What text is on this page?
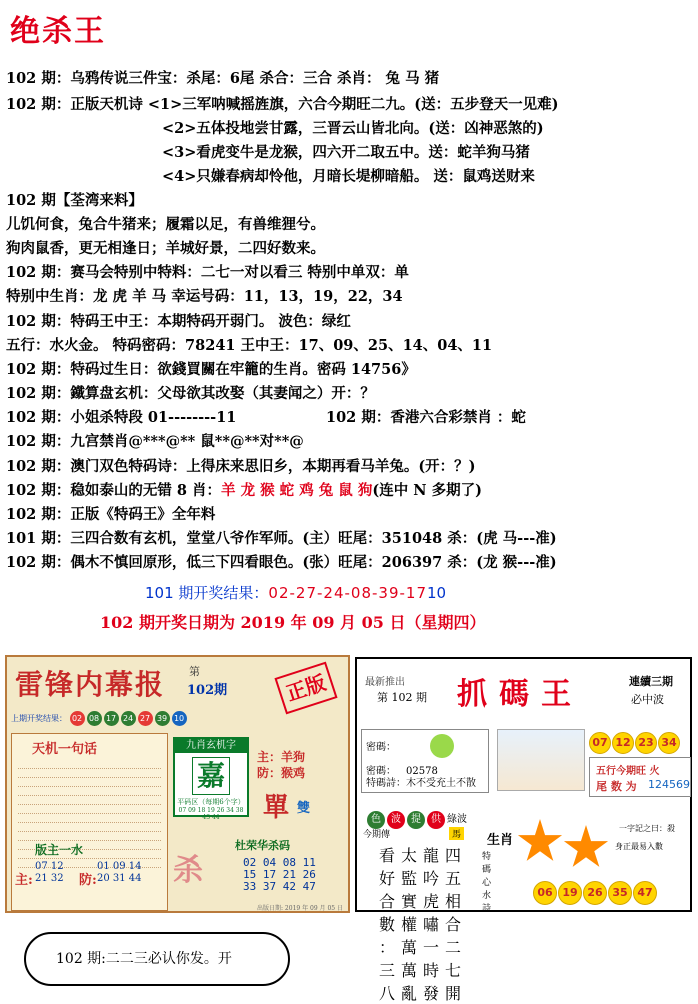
绝杀王
102 期：乌鸦传说三件宝：杀尾：6尾 杀合：三合 杀肖： 兔 马 猪
102 期：正版天机诗 <1>三军呐喊摇旌旗，六合今期旺二九。(送：五步登天一见难)
<2>五体投地尝甘露，三晋云山皆北向。(送：凶神恶煞的)
<3>看虎变牛是龙猴，四六开二取五中。送：蛇羊狗马猪
<4>只嫌春病却怜他，月暗长堤柳暗船。 送：鼠鸡送财来
102 期【荃湾来料】
儿饥何食，兔合牛猪来；履霜以足，有兽维狸兮。
狗肉鼠香，更无相逢日；羊城好景，二四好数来。
102 期：赛马会特别中特料：二七一对以看三 特别中单双：单
特别中生肖：龙 虎 羊 马 幸运号码：11，13，19，22，34
102 期：特码王中王：本期特码开弱门。 波色：绿红
五行：水火金。 特码密码：78241 王中王：17、09、25、14、04、11
102 期：特码过生日：欲錢買關在牢籠的生肖。密码 14756》
102 期：鐵算盘玄机：父母欲其改娶（其妻闻之）开：？
102 期：小姐杀特段 01--------11	102 期：香港六合彩禁肖 ：蛇
102 期：九宫禁肖@***@** 鼠**@**对**@
102 期：澳门双色特码诗：上得床来思旧乡，本期再看马羊兔。(开：？)
102 期：稳如泰山的无错 8 肖：羊 龙 猴 蛇 鸡 兔 鼠 狗(连中 N 多期了)
102 期：正版《特码王》全年料
101 期：三四合数有玄机，堂堂八爷作军师。(主）旺尾：351048 杀：(虎 马---准)
102 期：偶木不慎回原形，低三下四看眼色。(张）旺尾：206397 杀：(龙 猴---准)
101 期开奖结果：02-27-24-08-39-1710
102 期开奖日期为 2019 年 09 月 05 日（星期四）
雷锋内幕报 第
102期	正版
上期开奖结果： 02 08 17 24 27 39 10
天机一句话
版主一水
主:
07 12
21 32 防:
01 09 14
20 31 44
九肖玄机字
嘉
平码区（每期6个字）
07 09 18 19 26 34 38 43 44
主：羊狗
防：猴鸡
單 雙
杀
杜荣华杀码
02 04 08 11
15 17 21 26
33 37 42 47
出版日期: 2019 年 09 月 05 日
最新推出
第 102 期 抓碼王	連續三期
必中波
07 12 23 34
密碼：
密碼：
特碼詩：
02578
木不受充土不散
五行今期旺 火
尾 数 为 124569
色 波 提 供 綠波
今期傳	馬
看好合數：三八
太監實權萬萬亂
龍吟虎嘯一時發
四五相合二七開
生肖
特碼心水詩
一字記之曰：殺
身正最易入數
06 19 26 35 47
102 期:二二三必认你发。开
